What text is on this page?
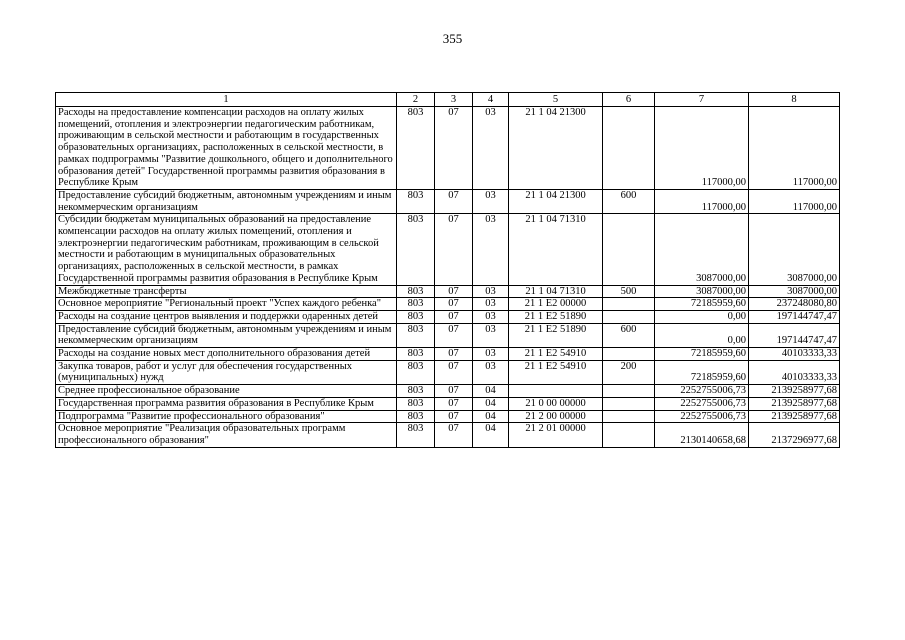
355
1	2	3	4	5	6	7	8
Расходы на предоставление компенсации расходов на оплату жилых помещений, отопления и электроэнергии педагогическим работникам, проживающим в сельской местности и работающим в государственных образовательных организациях, расположенных в сельской местности, в рамках подпрограммы "Развитие дошкольного, общего и дополнительного образования детей" Государственной программы развития образования в Республике Крым	803	07	03	21 1 04 21300		117000,00	117000,00
Предоставление субсидий бюджетным, автономным учреждениям и иным некоммерческим организациям	803	07	03	21 1 04 21300	600	117000,00	117000,00
Субсидии бюджетам муниципальных образований на предоставление компенсации расходов на оплату жилых помещений, отопления и электроэнергии педагогическим работникам, проживающим в сельской местности и работающим в муниципальных образовательных организациях, расположенных в сельской местности, в рамках Государственной программы развития образования в Республике Крым	803	07	03	21 1 04 71310		3087000,00	3087000,00
Межбюджетные трансферты	803	07	03	21 1 04 71310	500	3087000,00	3087000,00
Основное мероприятие "Региональный проект "Успех каждого ребенка"	803	07	03	21 1 E2 00000		72185959,60	237248080,80
Расходы на создание центров выявления и поддержки одаренных детей	803	07	03	21 1 E2 51890		0,00	197144747,47
Предоставление субсидий бюджетным, автономным учреждениям и иным некоммерческим организациям	803	07	03	21 1 E2 51890	600	0,00	197144747,47
Расходы на создание новых мест дополнительного образования детей	803	07	03	21 1 E2 54910		72185959,60	40103333,33
Закупка товаров, работ и услуг для обеспечения государственных (муниципальных) нужд	803	07	03	21 1 E2 54910	200	72185959,60	40103333,33
Среднее профессиональное образование	803	07	04			2252755006,73	2139258977,68
Государственная программа развития образования в Республике Крым	803	07	04	21 0 00 00000		2252755006,73	2139258977,68
Подпрограмма "Развитие профессионального образования"	803	07	04	21 2 00 00000		2252755006,73	2139258977,68
Основное мероприятие "Реализация образовательных программ профессионального образования"	803	07	04	21 2 01 00000		2130140658,68	2137296977,68
